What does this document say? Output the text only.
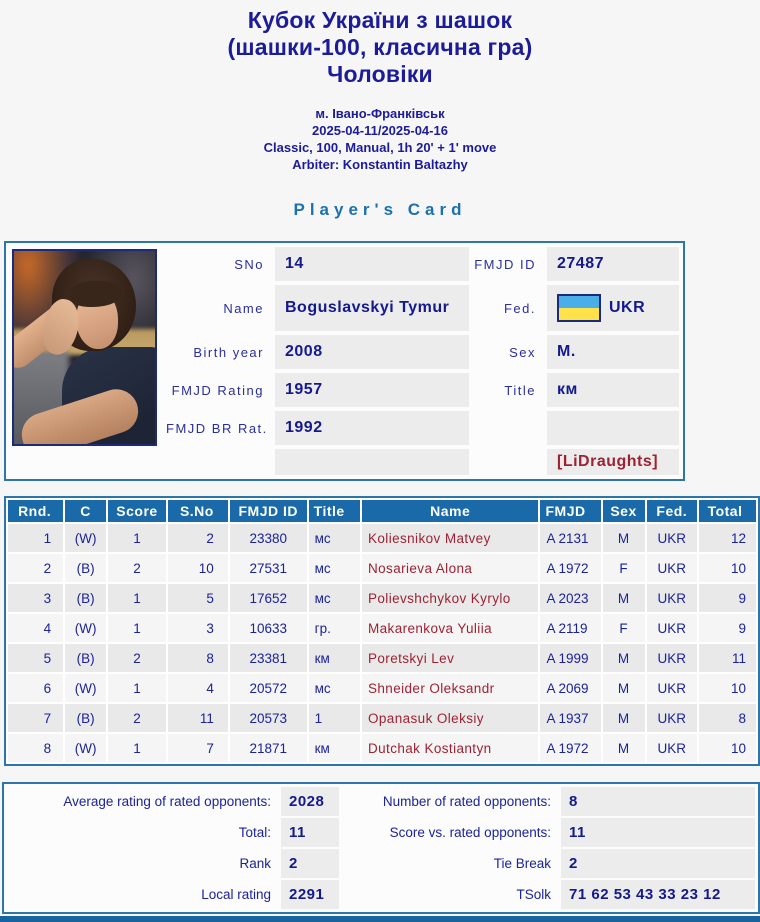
Кубок України з шашок
(шашки-100, класична гра)
Чоловіки
м. Івано-Франківськ
2025-04-11/2025-04-16
Classic, 100, Manual, 1h 20' + 1' move
Arbiter: Konstantin Baltazhy
Player's Card
SNo	14	FMJD ID	27487
Name	Boguslavskyi Tymur	Fed.	UKR
Birth year	2008	Sex	M.
FMJD Rating	1957	Title	км
FMJD BR Rat.	1992
[LiDraughts]
Rnd.	C	Score	S.No	FMJD ID	Title	Name	FMJD	Sex	Fed.	Total
1	(W)	1	2	23380	мс	Koliesnikov Matvey	A 2131	M	UKR	12
2	(B)	2	10	27531	мс	Nosarieva Alona	A 1972	F	UKR	10
3	(B)	1	5	17652	мс	Polievshchykov Kyrylo	A 2023	M	UKR	9
4	(W)	1	3	10633	гр.	Makarenkova Yuliia	A 2119	F	UKR	9
5	(B)	2	8	23381	км	Poretskyi Lev	A 1999	M	UKR	11
6	(W)	1	4	20572	мс	Shneider Oleksandr	A 2069	M	UKR	10
7	(B)	2	11	20573	1	Opanasuk Oleksiy	A 1937	M	UKR	8
8	(W)	1	7	21871	км	Dutchak Kostiantyn	A 1972	M	UKR	10
Average rating of rated opponents:	2028	Number of rated opponents:	8
Total:	11	Score vs. rated opponents:	11
Rank	2	Tie Break	2
Local rating	2291	TSolk	71 62 53 43 33 23 12
